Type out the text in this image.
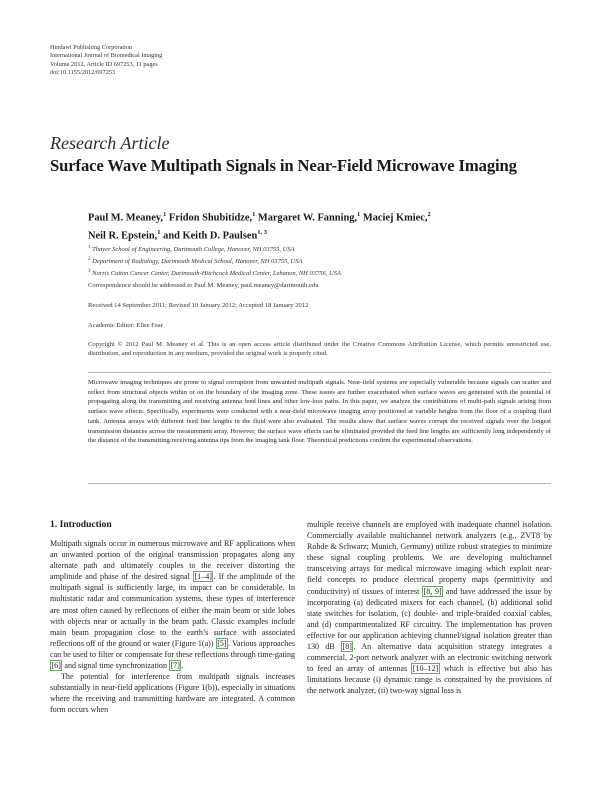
Hindawi Publishing Corporation
International Journal of Biomedical Imaging
Volume 2012, Article ID 697253, 11 pages
doi:10.1155/2012/697253
Research Article
Surface Wave Multipath Signals in Near-Field Microwave Imaging
Paul M. Meaney,$^1$ Fridon Shubitidze,$^1$ Margaret W. Fanning,$^1$ Maciej Kmiec,$^2$
Neil R. Epstein,$^1$ and Keith D. Paulsen$^{1, 3}$
$^1$ Thayer School of Engineering, Dartmouth College, Hanover, NH 03755, USA
$^2$ Department of Radiology, Dartmouth Medical School, Hanover, NH 03755, USA
$^3$ Norris Cotton Cancer Center, Dartmouth-Hitchcock Medical Center, Lebanon, NH 03756, USA
Correspondence should be addressed to Paul M. Meaney, paul.meaney@dartmouth.edu
Received 14 September 2011; Revised 10 January 2012; Accepted 18 January 2012
Academic Editor: Elise Fear
Copyright © 2012 Paul M. Meaney et al. This is an open access article distributed under the Creative Commons Attribution License, which permits unrestricted use, distribution, and reproduction in any medium, provided the original work is properly cited.
Microwave imaging techniques are prone to signal corruption from unwanted multipath signals. Near-field systems are especially vulnerable because signals can scatter and reflect from structural objects within or on the boundary of the imaging zone. These issues are further exacerbated when surface waves are generated with the potential of propagating along the transmitting and receiving antenna feed lines and other low-loss paths. In this paper, we analyze the contributions of multi-path signals arising from surface wave effects. Specifically, experiments were conducted with a near-field microwave imaging array positioned at variable heights from the floor of a coupling fluid tank. Antenna arrays with different feed line lengths in the fluid were also evaluated. The results show that surface waves corrupt the received signals over the longest transmission distances across the measurement array. However, the surface wave effects can be eliminated provided the feed line lengths are sufficiently long independently of the distance of the transmitting/receiving antenna tips from the imaging tank floor. Theoretical predictions confirm the experimental observations.
1. Introduction

Multipath signals occur in numerous microwave and RF applications when an unwanted portion of the original transmission propagates along any alternate path and ultimately couples to the receiver distorting the amplitude and phase of the desired signal [1–4] . If the amplitude of the multipath signal is sufficiently large, its impact can be considerable. In multistatic radar and communication systems, these types of interference are most often caused by reflections of either the main beam or side lobes with objects near or actually in the beam path. Classic examples include main beam propagation close to the earth’s surface with associated reflections off of the ground or water (Figure 1(a)) [5] . Various approaches can be used to filter or compensate for these reflections through time-gating [6] and signal time synchronization [7] .

The potential for interference from multipath signals increases substantially in near-field applications (Figure 1(b)), especially in situations where the receiving and transmitting hardware are integrated. A common form occurs when

multiple receive channels are employed with inadequate channel isolation. Commercially available multichannel network analyzers (e.g., ZVT8 by Rohde & Schwarz; Munich, Germany) utilize robust strategies to minimize these signal coupling problems. We are developing multichannel transceiving arrays for medical microwave imaging which exploit near-field concepts to produce electrical property maps (permittivity and conductivity) of tissues of interest [8, 9] and have addressed the issue by incorporating (a) dedicated mixers for each channel, (b) additional solid state switches for isolation, (c) double- and triple-braided coaxial cables, and (d) compartmentalized RF circuitry. The implementation has proven effective for our application achieving channel/signal isolation greater than 130 dB [8] . An alternative data acquisition strategy integrates a commercial, 2-port network analyzer with an electronic switching network to feed an array of antennas [10–12] which is effective but also has limitations because (i) dynamic range is constrained by the provisions of the network analyzer, (ii) two-way signal loss is
